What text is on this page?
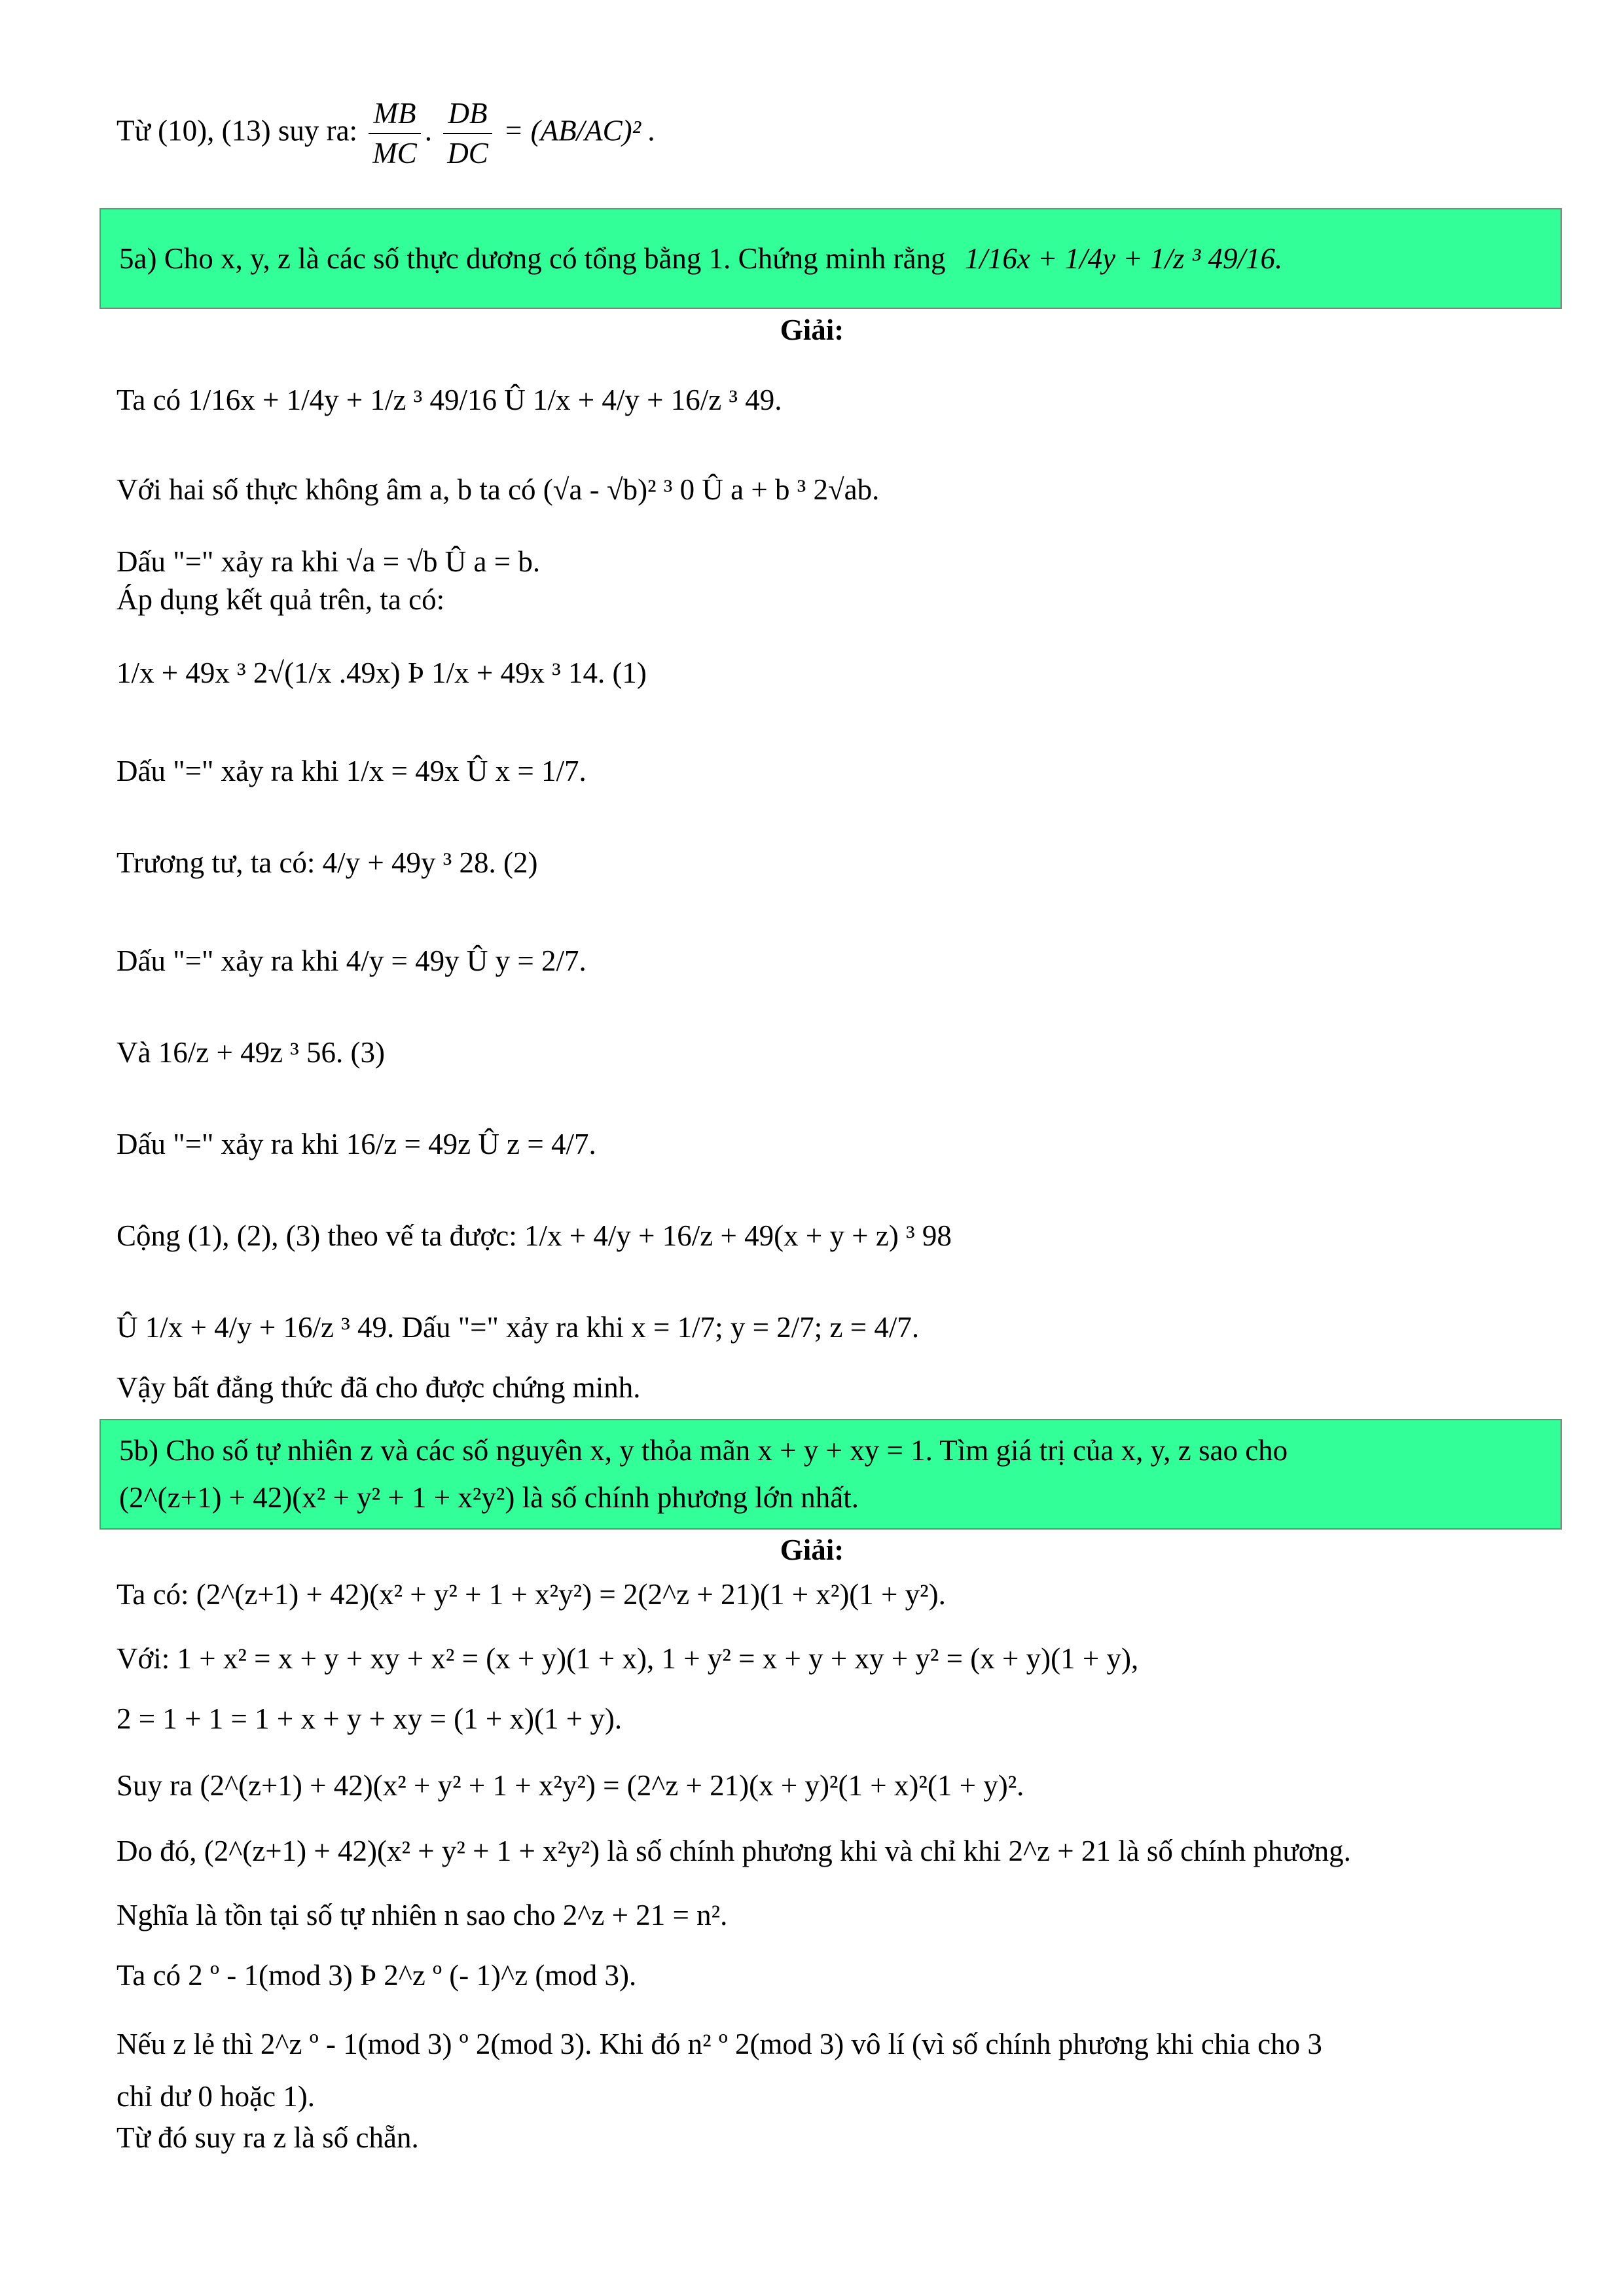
Từ (10), (13) suy ra: $\frac{MB}{MC}$ . $\frac{DB}{DC} = (AB/AC)^2$ .
5a) Cho x, y, z là các số thực dương có tổng bằng 1. Chứng minh rằng 1/16x + 1/4y + 1/z ³ 49/16.
Giải:
Ta có 1/16x + 1/4y + 1/z ³ 49/16 Û 1/x + 4/y + 16/z ³ 49.
Với hai số thực không âm a, b ta có (√a - √b)² ³ 0 Û a + b ³ 2√ab.
Dấu "=" xảy ra khi √a = √b Û a = b.
Áp dụng kết quả trên, ta có:
1/x + 49x ³ 2√(1/x .49x) Þ 1/x + 49x ³ 14. (1)
Dấu "=" xảy ra khi 1/x = 49x Û x = 1/7.
Trương tư, ta có: 4/y + 49y ³ 28. (2)
Dấu "=" xảy ra khi 4/y = 49y Û y = 2/7.
Và 16/z + 49z ³ 56. (3)
Dấu "=" xảy ra khi 16/z = 49z Û z = 4/7.
Cộng (1), (2), (3) theo vế ta được: 1/x + 4/y + 16/z + 49(x + y + z) ³ 98
Û 1/x + 4/y + 16/z ³ 49. Dấu "=" xảy ra khi x = 1/7; y = 2/7; z = 4/7.
Vậy bất đẳng thức đã cho được chứng minh.
5b) Cho số tự nhiên z và các số nguyên x, y thỏa mãn x + y + xy = 1. Tìm giá trị của x, y, z sao cho
(2^(z+1) + 42)(x² + y² + 1 + x²y²) là số chính phương lớn nhất.
Giải:
Ta có: (2^(z+1) + 42)(x² + y² + 1 + x²y²) = 2(2^z + 21)(1 + x²)(1 + y²).
Với: 1 + x² = x + y + xy + x² = (x + y)(1 + x), 1 + y² = x + y + xy + y² = (x + y)(1 + y),
2 = 1 + 1 = 1 + x + y + xy = (1 + x)(1 + y).
Suy ra (2^(z+1) + 42)(x² + y² + 1 + x²y²) = (2^z + 21)(x + y)²(1 + x)²(1 + y)².
Do đó, (2^(z+1) + 42)(x² + y² + 1 + x²y²) là số chính phương khi và chỉ khi 2^z + 21 là số chính phương.
Nghĩa là tồn tại số tự nhiên n sao cho 2^z + 21 = n².
Ta có 2 º - 1(mod 3) Þ 2^z º (- 1)^z (mod 3).
Nếu z lẻ thì 2^z º - 1(mod 3) º 2(mod 3). Khi đó n² º 2(mod 3) vô lí (vì số chính phương khi chia cho 3
chỉ dư 0 hoặc 1).
Từ đó suy ra z là số chẵn.
